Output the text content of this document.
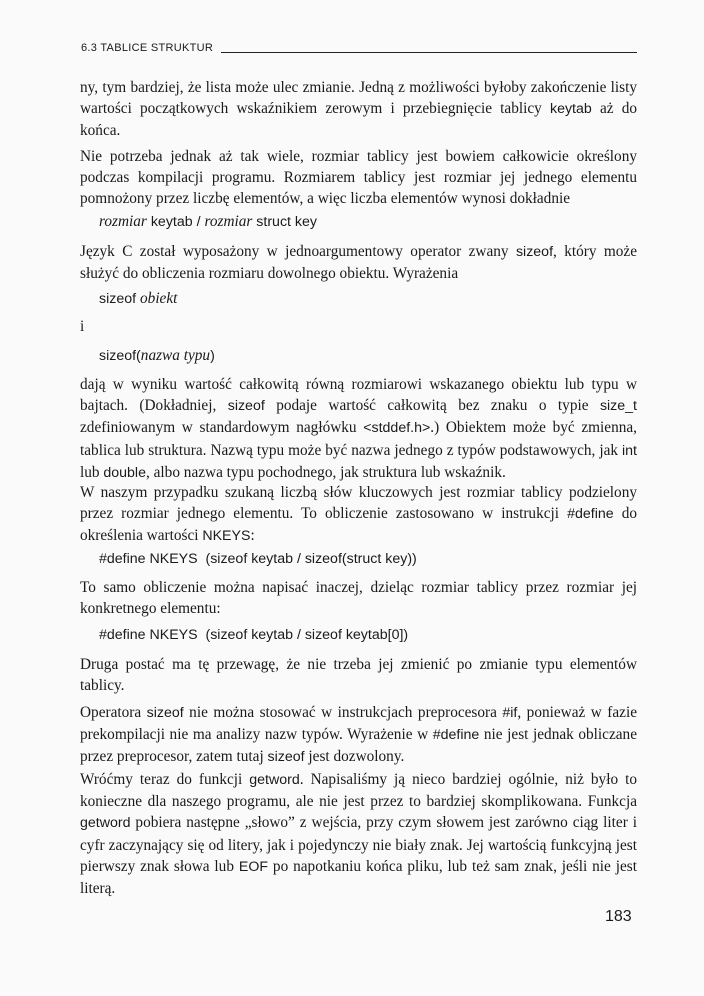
6.3 TABLICE STRUKTUR
ny, tym bardziej, że lista może ulec zmianie. Jedną z możliwości byłoby zakończenie listy wartości początkowych wskaźnikiem zerowym i przebiegnięcie tablicy keytab aż do końca.
Nie potrzeba jednak aż tak wiele, rozmiar tablicy jest bowiem całkowicie określony podczas kompilacji programu. Rozmiarem tablicy jest rozmiar jej jednego elementu pomnożony przez liczbę elementów, a więc liczba elementów wynosi dokładnie
rozmiar keytab / rozmiar struct key
Język C został wyposażony w jednoargumentowy operator zwany sizeof, który może służyć do obliczenia rozmiaru dowolnego obiektu. Wyrażenia
sizeof obiekt
i
sizeof(nazwa typu)
dają w wyniku wartość całkowitą równą rozmiarowi wskazanego obiektu lub typu w bajtach. (Dokładniej, sizeof podaje wartość całkowitą bez znaku o typie size_t zdefiniowanym w standardowym nagłówku <stddef.h>.) Obiektem może być zmienna, tablica lub struktura. Nazwą typu może być nazwa jednego z typów podstawowych, jak int lub double, albo nazwa typu pochodnego, jak struktura lub wskaźnik.
W naszym przypadku szukaną liczbą słów kluczowych jest rozmiar tablicy podzielony przez rozmiar jednego elementu. To obliczenie zastosowano w instrukcji #define do określenia wartości NKEYS:
#define NKEYS  (sizeof keytab / sizeof(struct key))
To samo obliczenie można napisać inaczej, dzieląc rozmiar tablicy przez rozmiar jej konkretnego elementu:
#define NKEYS  (sizeof keytab / sizeof keytab[0])
Druga postać ma tę przewagę, że nie trzeba jej zmienić po zmianie typu elementów tablicy.
Operatora sizeof nie można stosować w instrukcjach preprocesora #if, ponieważ w fazie prekompilacji nie ma analizy nazw typów. Wyrażenie w #define nie jest jednak obliczane przez preprocesor, zatem tutaj sizeof jest dozwolony.
Wróćmy teraz do funkcji getword. Napisaliśmy ją nieco bardziej ogólnie, niż było to konieczne dla naszego programu, ale nie jest przez to bardziej skomplikowana. Funkcja getword pobiera następne „słowo” z wejścia, przy czym słowem jest zarówno ciąg liter i cyfr zaczynający się od litery, jak i pojedynczy nie biały znak. Jej wartością funkcyjną jest pierwszy znak słowa lub EOF po napotkaniu końca pliku, lub też sam znak, jeśli nie jest literą.
183
